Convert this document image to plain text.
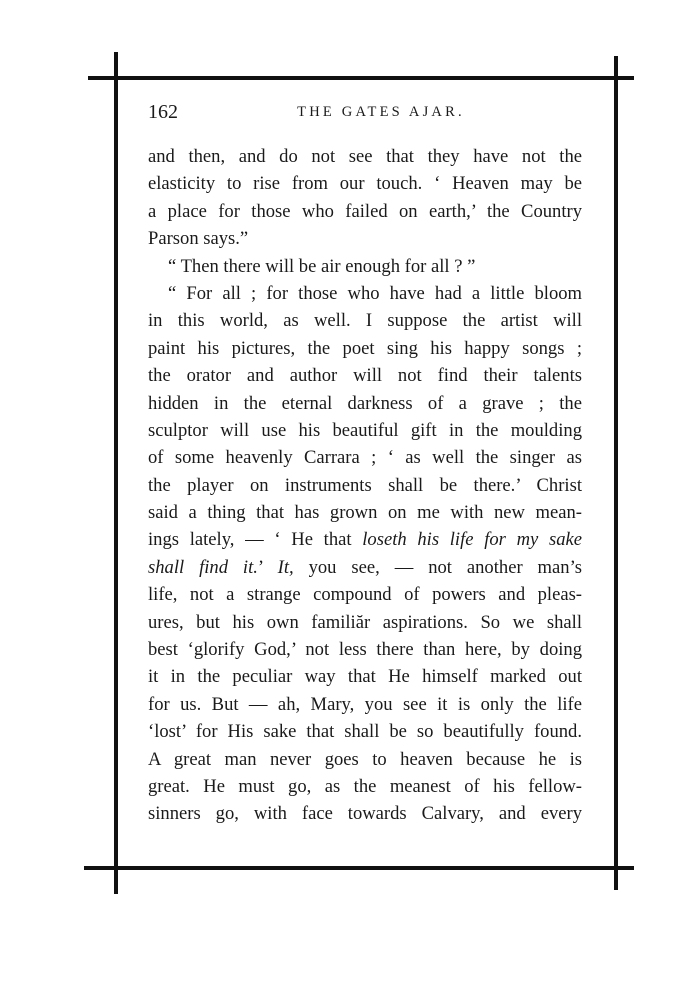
162	THE GATES AJAR.
and then, and do not see that they have not the
elasticity to rise from our touch. ‘ Heaven may be
a place for those who failed on earth,’ the Country
Parson says.”
“ Then there will be air enough for all ? ”
“ For all ; for those who have had a little bloom
in this world, as well. I suppose the artist will
paint his pictures, the poet sing his happy songs ;
the orator and author will not find their talents
hidden in the eternal darkness of a grave ; the
sculptor will use his beautiful gift in the moulding
of some heavenly Carrara ; ‘ as well the singer as
the player on instruments shall be there.’ Christ
said a thing that has grown on me with new mean-
ings lately, — ‘ He that loseth his life for my sake
shall find it.’ It, you see, — not another man’s
life, not a strange compound of powers and pleas-
ures, but his own familiăr aspirations. So we shall
best ‘glorify God,’ not less there than here, by doing
it in the peculiar way that He himself marked out
for us. But — ah, Mary, you see it is only the life
‘lost’ for His sake that shall be so beautifully found.
A great man never goes to heaven because he is
great. He must go, as the meanest of his fellow-
sinners go, with face towards Calvary, and every
